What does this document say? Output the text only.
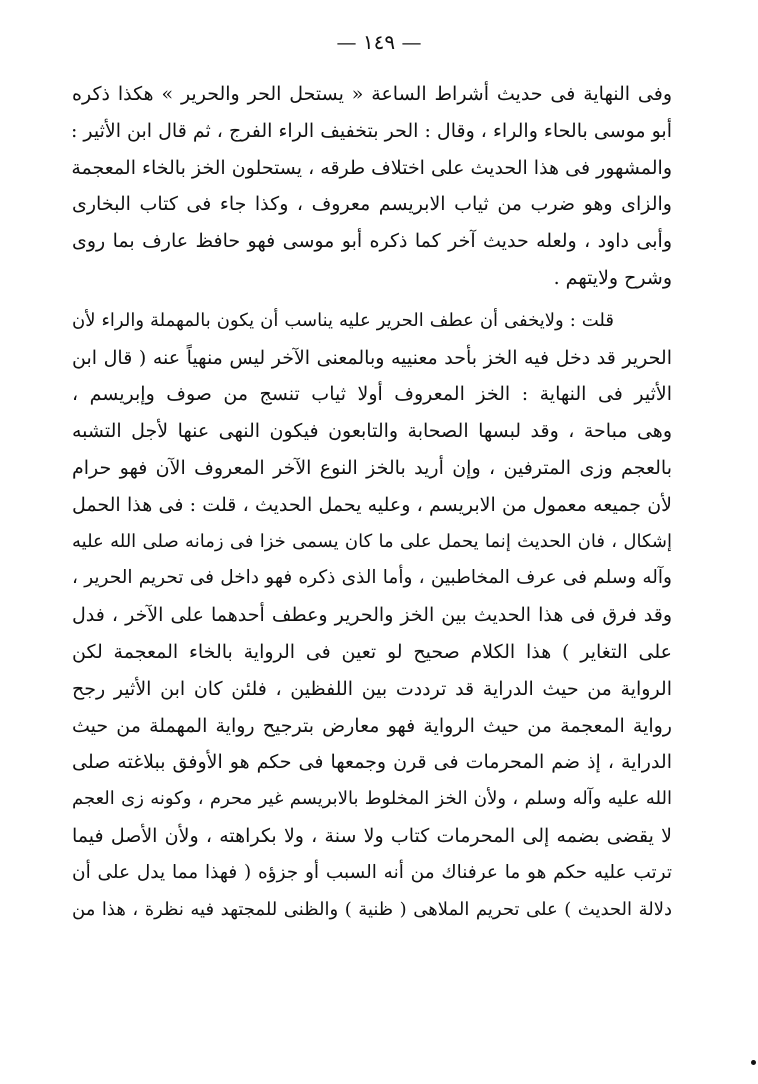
— ١٤٩ —
وفى النهاية فى حديث أشراط الساعة « يستحل الحر والحرير » هكذا ذكره
أبو موسى بالحاء والراء ، وقال : الحر بتخفيف الراء الفرج ، ثم قال ابن الأثير :
والمشهور فى هذا الحديث على اختلاف طرقه ، يستحلون الخز بالخاء المعجمة
والزاى وهو ضرب من ثياب الابريسم معروف ، وكذا جاء فى كتاب البخارى
وأبى داود ، ولعله حديث آخر كما ذكره أبو موسى فهو حافظ عارف بما روى
وشرح ولايتهم .
قلت : ولايخفى أن عطف الحرير عليه يناسب أن يكون بالمهملة والراء لأن
الحرير قد دخل فيه الخز بأحد معنييه وبالمعنى الآخر ليس منهياً عنه ( قال ابن
الأثير فى النهاية : الخز المعروف أولا ثياب تنسج من صوف وإبريسم ،
وهى مباحة ، وقد لبسها الصحابة والتابعون فيكون النهى عنها لأجل التشبه
بالعجم وزى المترفين ، وإن أريد بالخز النوع الآخر المعروف الآن فهو حرام
لأن جميعه معمول من الابريسم ، وعليه يحمل الحديث ، قلت : فى هذا الحمل
إشكال ، فان الحديث إنما يحمل على ما كان يسمى خزا فى زمانه صلى الله عليه
وآله وسلم فى عرف المخاطبين ، وأما الذى ذكره فهو داخل فى تحريم الحرير ،
وقد فرق فى هذا الحديث بين الخز والحرير وعطف أحدهما على الآخر ، فدل
على التغاير ) هذا الكلام صحيح لو تعين فى الرواية بالخاء المعجمة لكن
الرواية من حيث الدراية قد ترددت بين اللفظين ، فلئن كان ابن الأثير رجح
رواية المعجمة من حيث الرواية فهو معارض بترجيح رواية المهملة من حيث
الدراية ، إذ ضم المحرمات فى قرن وجمعها فى حكم هو الأوفق ببلاغته صلى
الله عليه وآله وسلم ، ولأن الخز المخلوط بالابريسم غير محرم ، وكونه زى العجم
لا يقضى بضمه إلى المحرمات كتاب ولا سنة ، ولا بكراهته ، ولأن الأصل فيما
ترتب عليه حكم هو ما عرفناك من أنه السبب أو جزؤه ( فهذا مما يدل على أن
دلالة الحديث ) على تحريم الملاهى ( ظنية ) والظنى للمجتهد فيه نظرة ، هذا من
